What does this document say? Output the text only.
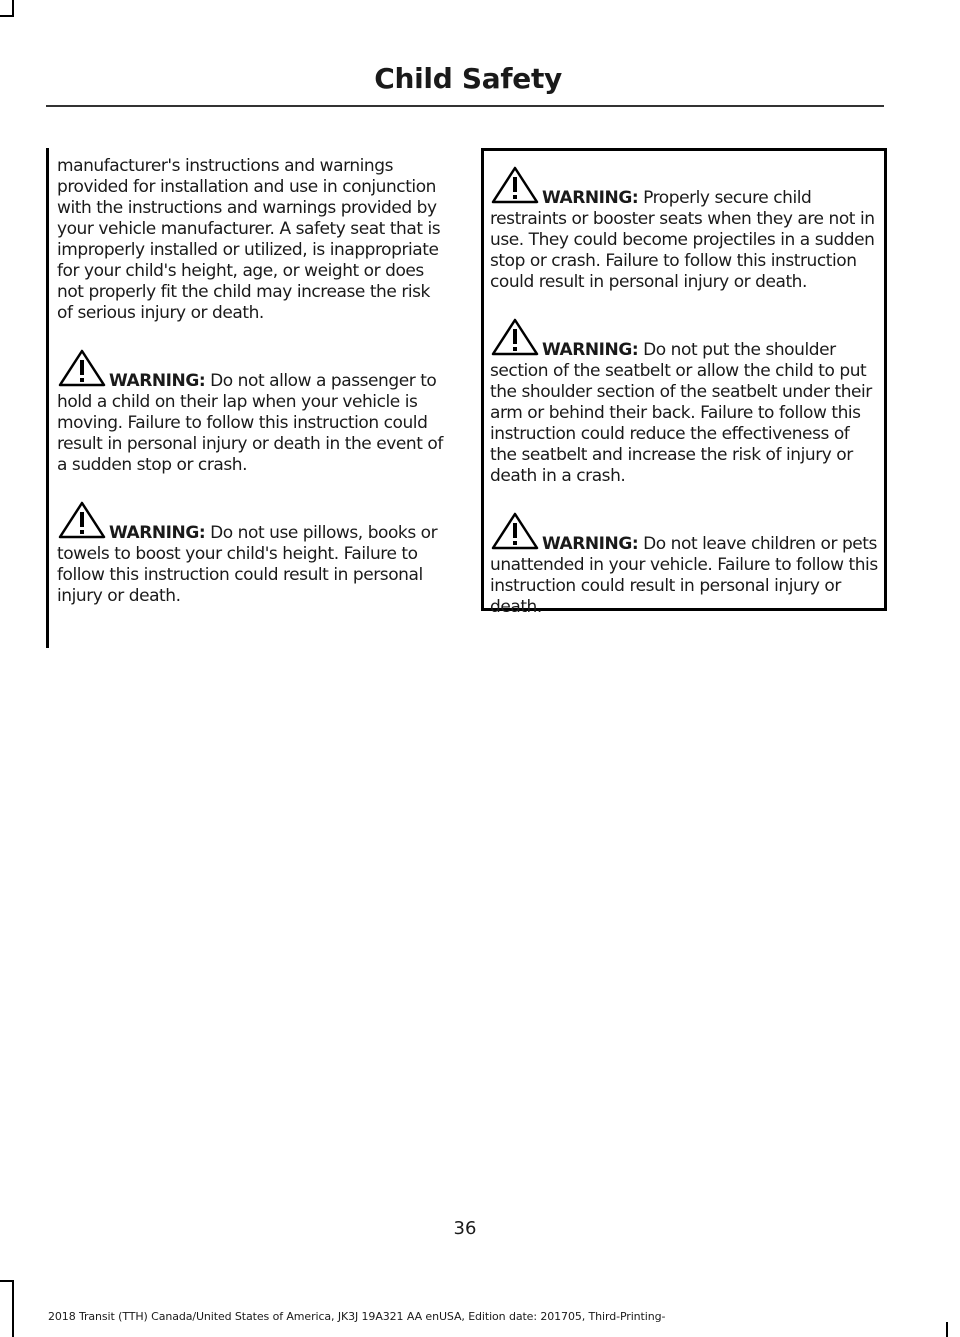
Child Safety

manufacturer's instructions and warnings provided for installation and use in conjunction with the instructions and warnings provided by your vehicle manufacturer. A safety seat that is improperly installed or utilized, is inappropriate for your child's height, age, or weight or does not properly fit the child may increase the risk of serious injury or death.

WARNING: Do not allow a passenger to hold a child on their lap when your vehicle is moving. Failure to follow this instruction could result in personal injury or death in the event of a sudden stop or crash.
WARNING: Do not use pillows, books or towels to boost your child's height. Failure to follow this instruction could result in personal injury or death.
WARNING: Properly secure child restraints or booster seats when they are not in use. They could become projectiles in a sudden stop or crash. Failure to follow this instruction could result in personal injury or death.
WARNING: Do not put the shoulder section of the seatbelt or allow the child to put the shoulder section of the seatbelt under their arm or behind their back. Failure to follow this instruction could reduce the effectiveness of the seatbelt and increase the risk of injury or death in a crash.
WARNING: Do not leave children or pets unattended in your vehicle. Failure to follow this instruction could result in personal injury or death.
36
2018 Transit (TTH) Canada/United States of America, JK3J 19A321 AA enUSA, Edition date: 201705, Third-Printing-
